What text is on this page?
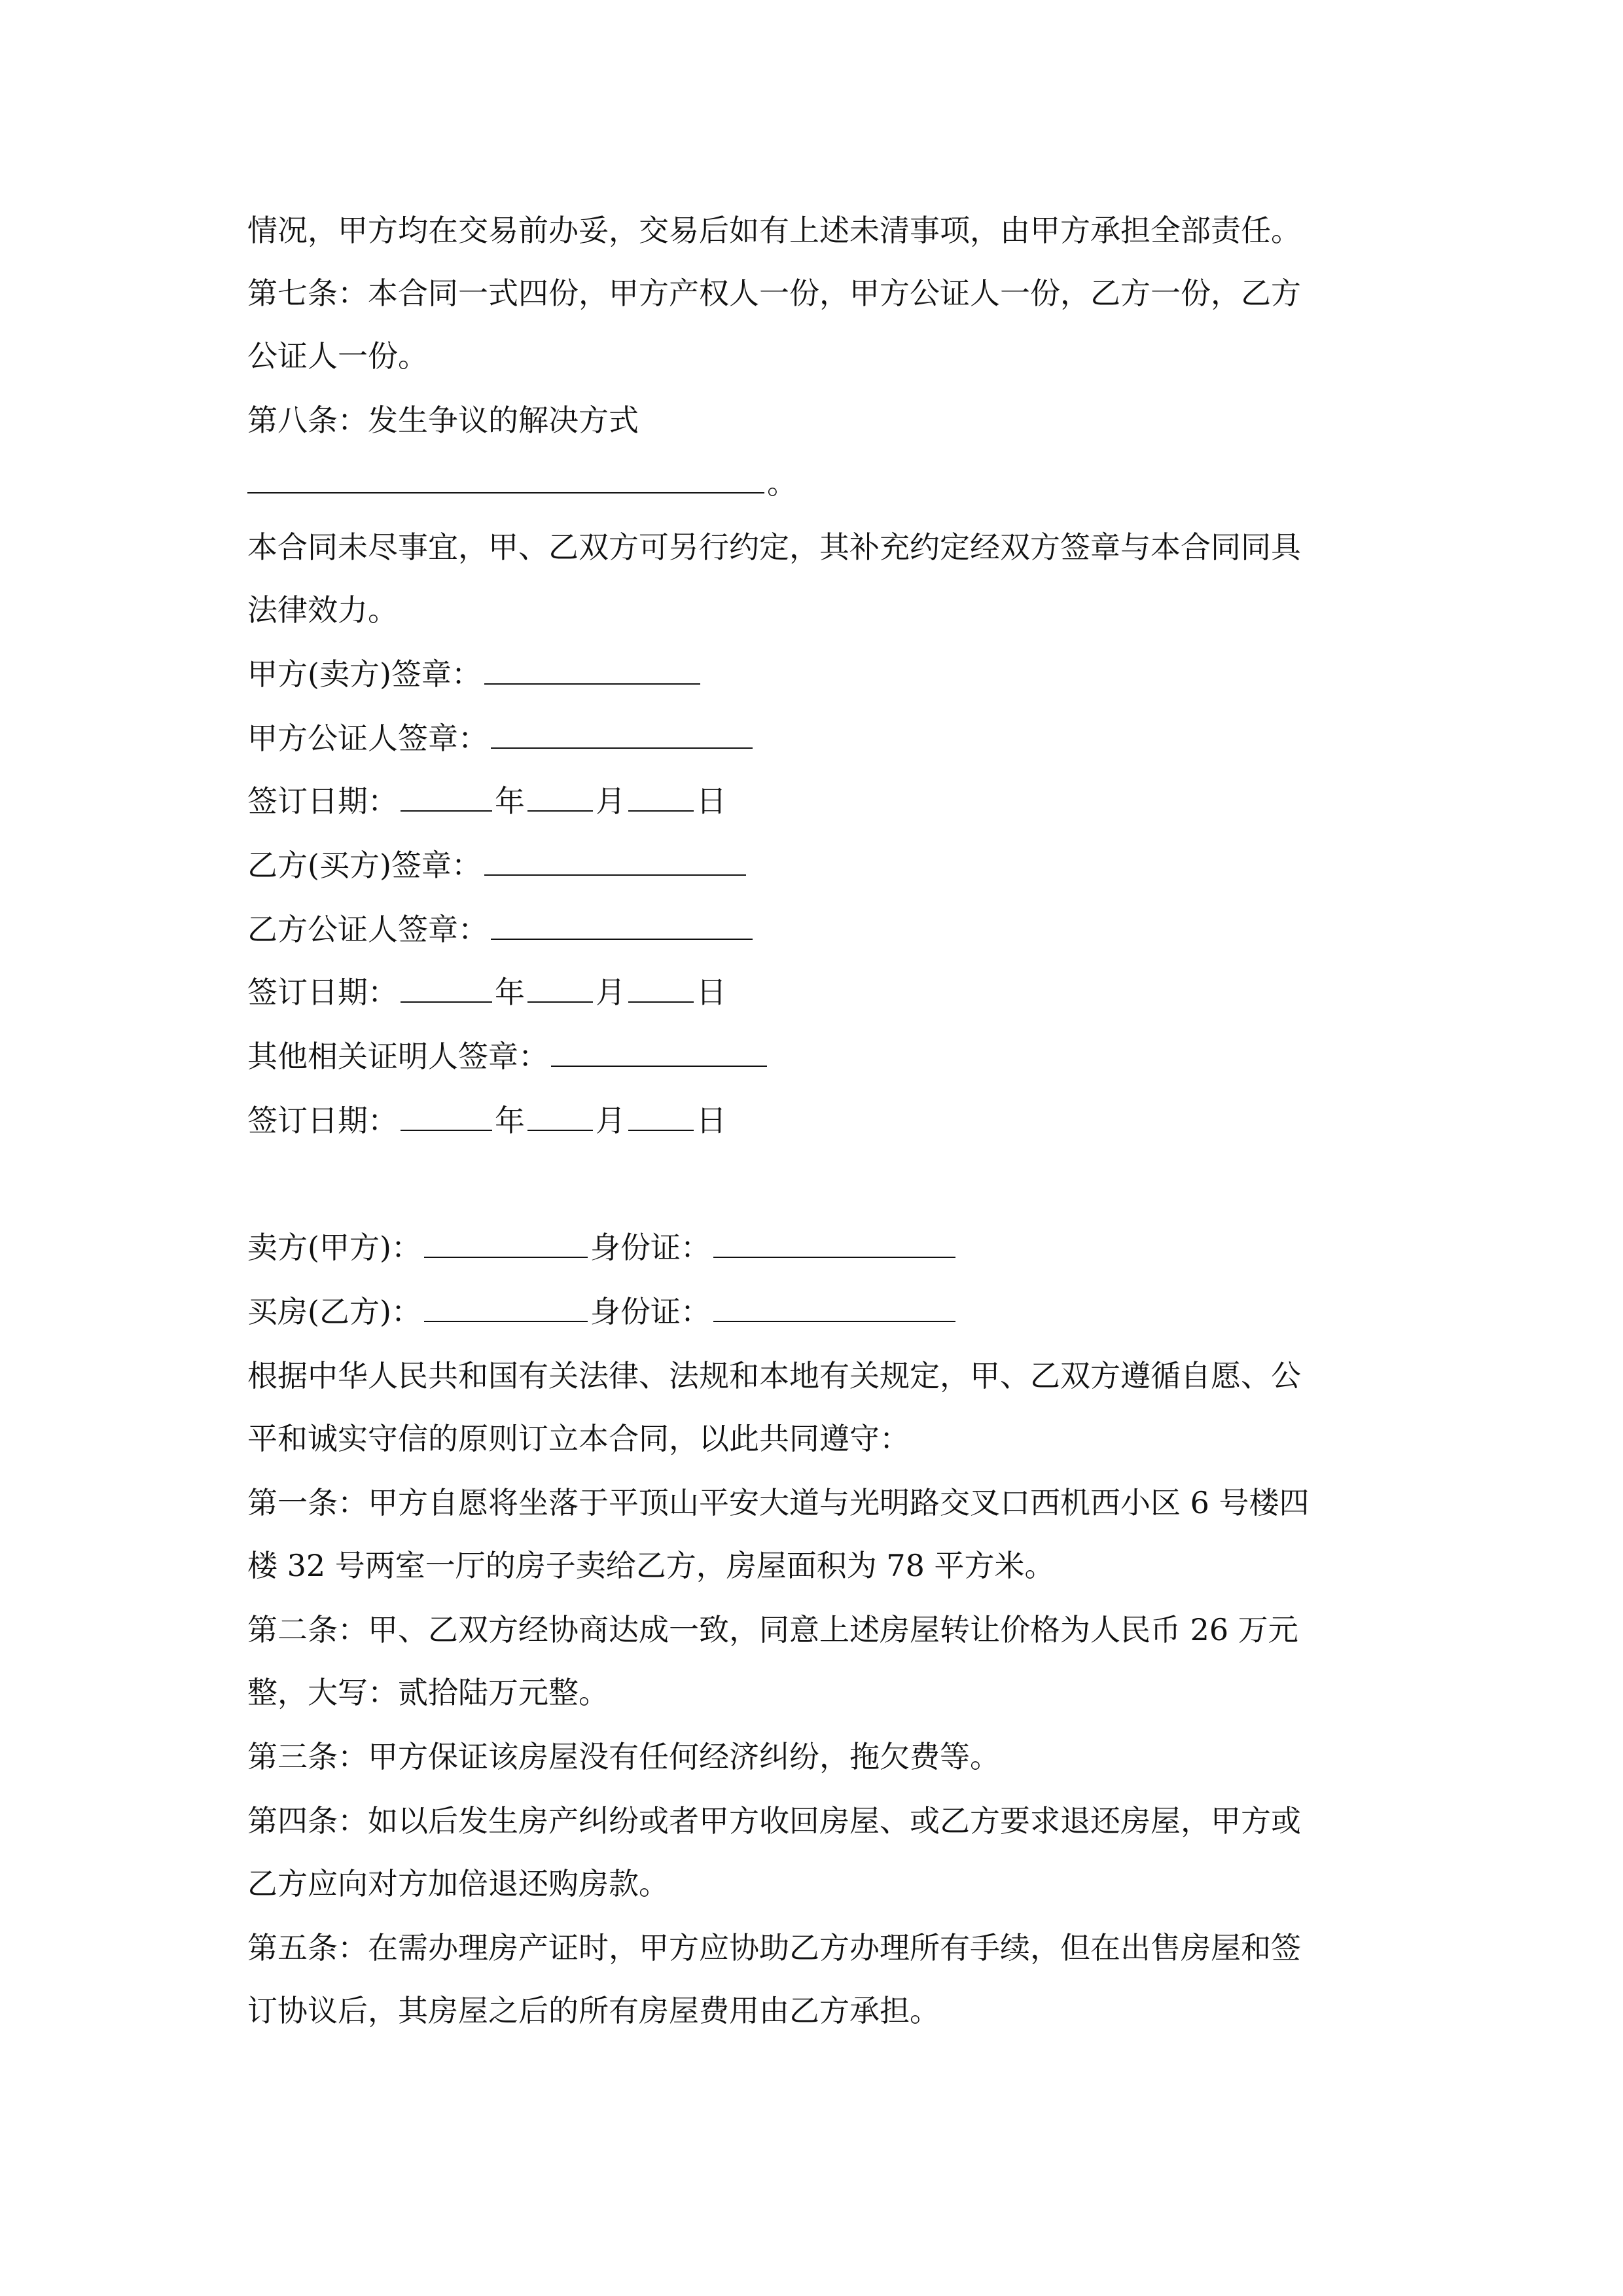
情况，甲方均在交易前办妥，交易后如有上述未清事项，由甲方承担全部责任。
第七条：本合同一式四份，甲方产权人一份，甲方公证人一份，乙方一份，乙方
公证人一份。
第八条：发生争议的解决方式
。
本合同未尽事宜，甲、乙双方可另行约定，其补充约定经双方签章与本合同同具
法律效力。
甲方(卖方)签章：
甲方公证人签章：
签订日期：	年 月 日
乙方(买方)签章：
乙方公证人签章：
签订日期：	年 月 日
其他相关证明人签章：
签订日期：	年 月 日
卖方(甲方)：	身份证：
买房(乙方)：	身份证：
根据中华人民共和国有关法律、法规和本地有关规定，甲、乙双方遵循自愿、公
平和诚实守信的原则订立本合同，以此共同遵守：
第一条：甲方自愿将坐落于平顶山平安大道与光明路交叉口西机西小区 6 号楼四
楼 32 号两室一厅的房子卖给乙方，房屋面积为 78 平方米。
第二条：甲、乙双方经协商达成一致，同意上述房屋转让价格为人民币 26 万元
整，大写：贰拾陆万元整。
第三条：甲方保证该房屋没有任何经济纠纷，拖欠费等。
第四条：如以后发生房产纠纷或者甲方收回房屋、或乙方要求退还房屋，甲方或
乙方应向对方加倍退还购房款。
第五条：在需办理房产证时，甲方应协助乙方办理所有手续，但在出售房屋和签
订协议后，其房屋之后的所有房屋费用由乙方承担。
